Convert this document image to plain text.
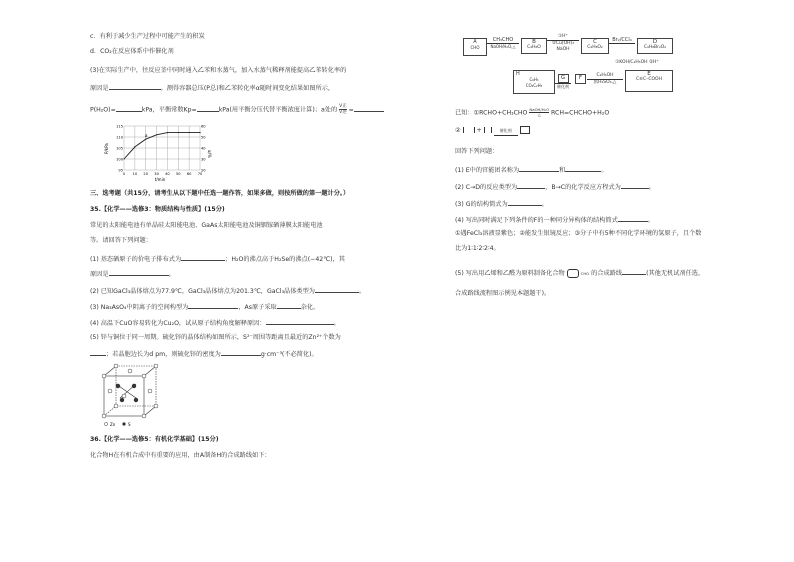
c．有利于减少生产过程中可能产生的积炭
d．CO₂在反应体系中作催化剂
(3)在实际生产中，往反应釜中同时通入乙苯和水蒸气，加入水蒸气稀释剂能提高乙苯转化率的
原因是	。测得容器总压(P总)和乙苯转化率α随时间变化结果如图所示，
P(H₂O)=	kPa，平衡常数Kp=	kPa(用平衡分压代替平衡浓度计算)；a处的 V正
V逆 =
P/kPa	α/%
115
110
105
100
95
60
50
40
30
20
0 10 20 30 40 50 60 70
a
t/min
三、选考题（共15分，请考生从以下题中任选一题作答，如果多做，则按所做的第一题计分。）
35.【化学——选修3：物质结构与性质】(15分)
常见的太阳能电池有单晶硅太阳能电池、GaAs太阳能电池及铜铟镓硒薄膜太阳能电池
等。请回答下列问题：
(1) 基态硒原子的价电子排布式为	；H₂O的沸点高于H₂Se的沸点(−42℃)，其
原因是	。
(2) 已知GaCl₃晶体熔点为77.9℃，GaCl₃晶体熔点为201.3℃，GaCl₃晶体类型为	。
(3) Na₃AsO₄中阴离子的空间构型为	，As原子采取	杂化。
(4) 高温下CuO容易转化为Cu₂O，试从原子结构角度解释原因：	。
(5) 锌与铜位于同一周期。硫化锌的晶体结构如图所示，S²⁻周围等距离且最近的Zn²⁺个数为
；若晶胞边长为d pm，则硫化锌的密度为	g·cm⁻³(不必简化)。
Zn	S
36.【化学——选修5：有机化学基础】(15分)
化合物H在有机合成中有重要的应用，由A制备H的合成路线如下：
A
CHO
CH₃CHO
NaOH/H₂O,△
B
C₉H₈O
①H⁺
②Cu(OH)₂
NaOH
C
C₉H₈O₂
Br₂/CCl₄	D
C₉H₈Br₂O₂
①KOH/C₂H₅OH ②H⁺
H
C₆H₅
CO₂C₂H₅
G
催化剂
F	C₂H₅OH
浓H₂SO₄,△
E
C≡C–COOH
已知：①RCHO+CH₃CHO NaOH/H₂O
△	RCH=CHCHO+H₂O
②  +	催化剂
回答下列问题：
(1) E中的官能团名称为	和	。
(2) C→D的反应类型为	，B→C的化学反应方程式为	。
(3) G的结构简式为	。
(4) 写出同时满足下列条件的F的一种同分异构体的结构简式	。
①遇FeCl₃溶液显紫色；②能发生银镜反应；③分子中有5种不同化学环境的氢原子，且个数
比为1∶1∶2∶2∶4。
(5) 写出用乙烯和乙醛为原料制备化合物	CHO 的合成路线	(其他无机试剂任选，
合成路线流程图示例见本题题干)。
